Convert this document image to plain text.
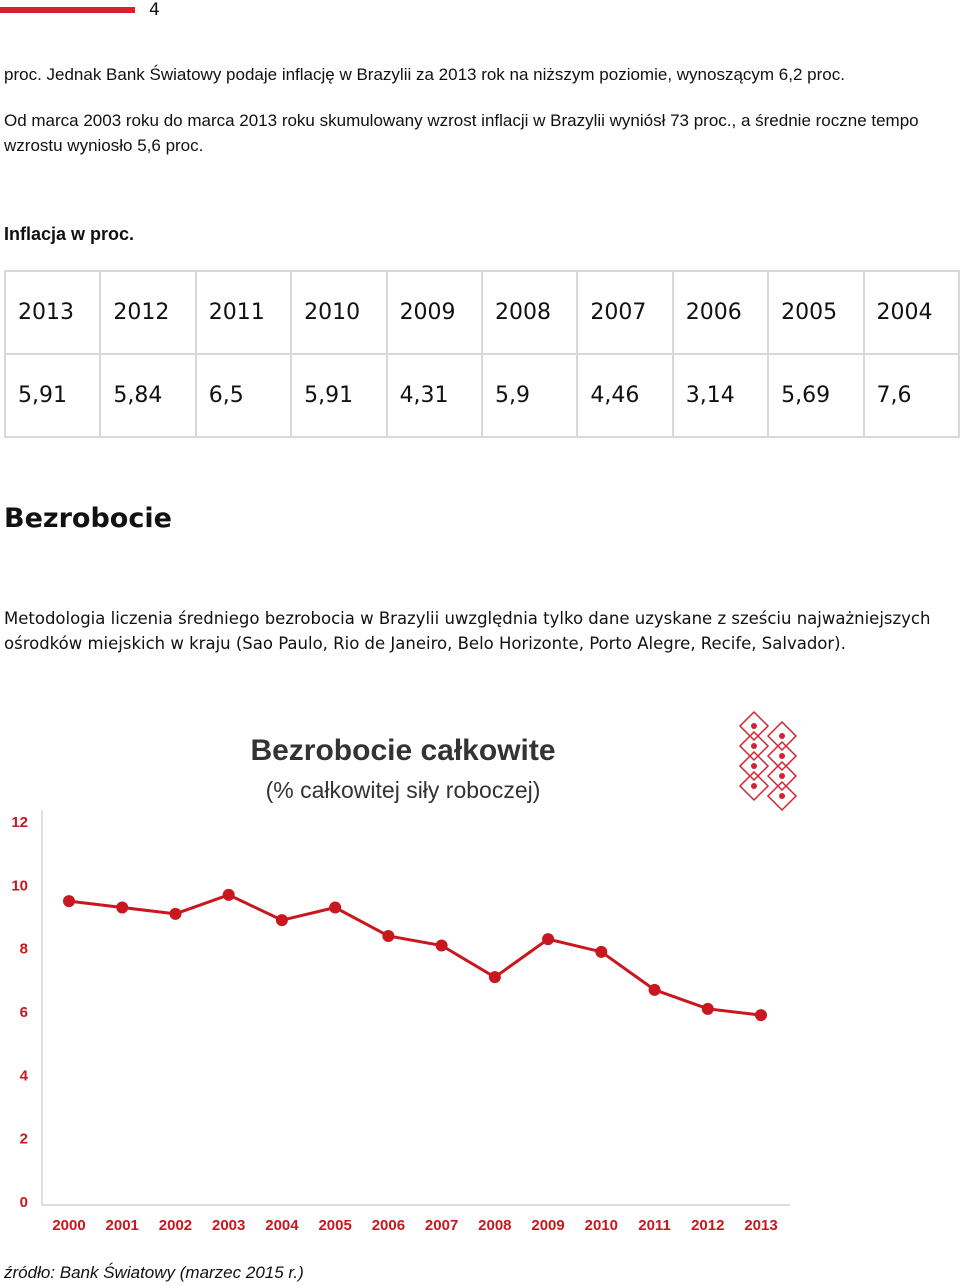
4

proc. Jednak Bank Światowy podaje inflację w Brazylii za 2013 rok na niższym poziomie, wynoszącym 6,2 proc.

Od marca 2003 roku do marca 2013 roku skumulowany wzrost inflacji w Brazylii wyniósł 73 proc., a średnie roczne tempo wzrostu wyniosło 5,6 proc.

Inflacja w proc.
2013	2012	2011	2010	2009	2008	2007	2006	2005	2004
5,91	5,84	6,5	5,91	4,31	5,9	4,46	3,14	5,69	7,6
Bezrobocie

Metodologia liczenia średniego bezrobocia w Brazylii uwzględnia tylko dane uzyskane z sześciu najważniejszych ośrodków miejskich w kraju (Sao Paulo, Rio de Janeiro, Belo Horizonte, Porto Alegre, Recife, Salvador).

Bezrobocie całkowite
(% całkowitej siły roboczej)
0
2
4
6
8
10
12
2000 2001 2002 2003 2004 2005 2006 2007 2008 2009 2010 2011 2012 2013

źródło: Bank Światowy (marzec 2015 r.)
